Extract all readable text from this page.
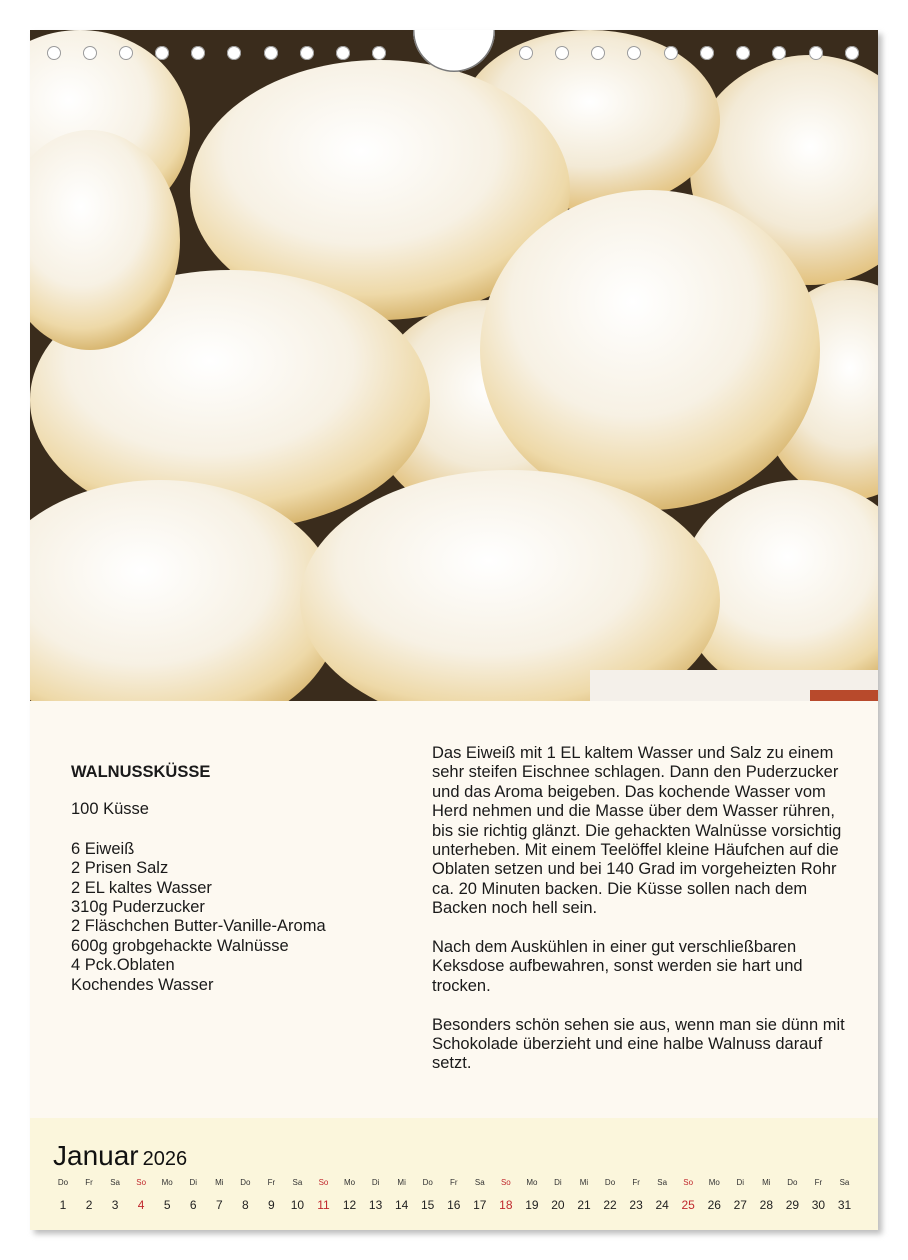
WALNUSSKÜSSE
100 Küsse
6 Eiweiß
2 Prisen Salz
2 EL kaltes Wasser
310g Puderzucker
2 Fläschchen Butter-Vanille-Aroma
600g grobgehackte Walnüsse
4 Pck.Oblaten
Kochendes Wasser

Das Eiweiß mit 1 EL kaltem Wasser und Salz zu einem sehr steifen Eischnee schlagen. Dann den Puderzucker und das Aroma beigeben. Das kochende Wasser vom Herd nehmen und die Masse über dem Wasser rühren, bis sie richtig glänzt. Die gehackten Walnüsse vorsichtig unterheben. Mit einem Teelöffel kleine Häufchen auf die Oblaten setzen und bei 140 Grad im vorgeheizten Rohr ca. 20 Minuten backen. Die Küsse sollen nach dem Backen noch hell sein.

Nach dem Auskühlen in einer gut verschließbaren Keksdose aufbewahren, sonst werden sie hart und trocken.

Besonders schön sehen sie aus, wenn man sie dünn mit Schokolade überzieht und eine halbe Walnuss darauf setzt.

Januar 2026
Do
1
Fr
2
Sa
3
So
4
Mo
5
Di
6
Mi
7
Do
8
Fr
9
Sa
10
So
11
Mo
12
Di
13
Mi
14
Do
15
Fr
16
Sa
17
So
18
Mo
19
Di
20
Mi
21
Do
22
Fr
23
Sa
24
So
25
Mo
26
Di
27
Mi
28
Do
29
Fr
30
Sa
31
